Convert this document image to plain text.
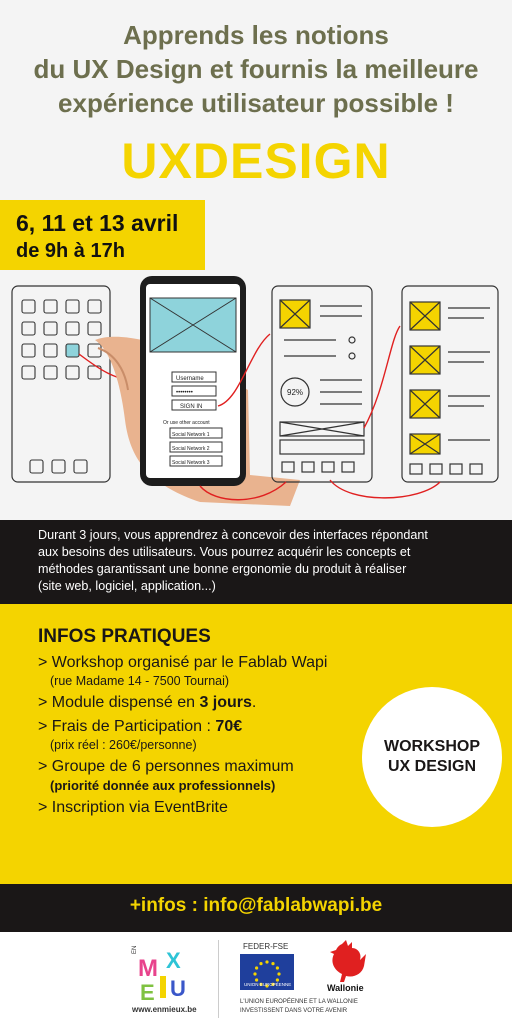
Apprends les notions
du UX Design et fournis la meilleure
expérience utilisateur possible !
UXDESIGN
6, 11 et 13 avril
de 9h à 17h
Username
••••••••
SIGN IN
Or use other account
Social Network 1
Social Network 2
Social Network 3
92%
Durant 3 jours, vous apprendrez à concevoir des interfaces répondant
aux besoins des utilisateurs. Vous pourrez acquérir les concepts et
méthodes garantissant une bonne ergonomie du produit à réaliser
(site web, logiciel, application...)
INFOS PRATIQUES
> Workshop organisé par le Fablab Wapi
(rue Madame 14 - 7500 Tournai)
> Module dispensé en 3 jours.
> Frais de Participation : 70€
(prix réel : 260€/personne)
> Groupe de 6 personnes maximum
(priorité donnée aux professionnels)
> Inscription via EventBrite
WORKSHOP
UX DESIGN
+infos : info@fablabwapi.be
EN
M X
E U
www.enmieux.be
FEDER-FSE
UNION EUROPÉENNE	Wallonie
L'UNION EUROPÉENNE ET LA WALLONIE
INVESTISSENT DANS VOTRE AVENIR
